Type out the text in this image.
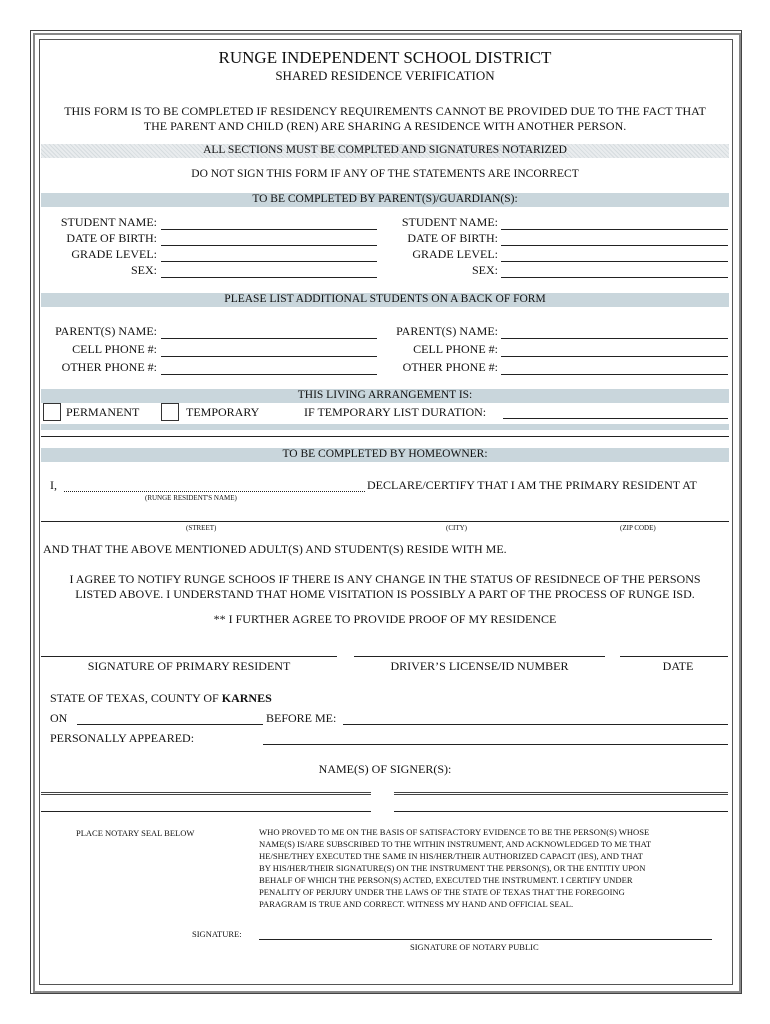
RUNGE INDEPENDENT SCHOOL DISTRICT
SHARED RESIDENCE VERIFICATION
THIS FORM IS TO BE COMPLETED IF RESIDENCY REQUIREMENTS CANNOT BE PROVIDED DUE TO THE FACT THAT
THE PARENT AND CHILD (REN) ARE SHARING A RESIDENCE WITH ANOTHER PERSON.
ALL SECTIONS MUST BE COMPLTED AND SIGNATURES NOTARIZED
DO NOT SIGN THIS FORM IF ANY OF THE STATEMENTS ARE INCORRECT
TO BE COMPLETED BY PARENT(S)/GUARDIAN(S):
STUDENT NAME:
DATE OF BIRTH:
GRADE LEVEL:
SEX:
STUDENT NAME:
DATE OF BIRTH:
GRADE LEVEL:
SEX:
PLEASE LIST ADDITIONAL STUDENTS ON A BACK OF FORM
PARENT(S) NAME:
CELL PHONE #:
OTHER PHONE #:
PARENT(S) NAME:
CELL PHONE #:
OTHER PHONE #:
THIS LIVING ARRANGEMENT IS:
PERMANENT	TEMPORARY	IF TEMPORARY LIST DURATION:
TO BE COMPLETED BY HOMEOWNER:
I,	DECLARE/CERTIFY THAT I AM THE PRIMARY RESIDENT AT
(RUNGE RESIDENT'S NAME)
(STREET)	(CITY)	(ZIP CODE)
AND THAT THE ABOVE MENTIONED ADULT(S) AND STUDENT(S) RESIDE WITH ME.
I AGREE TO NOTIFY RUNGE SCHOOS IF THERE IS ANY CHANGE IN THE STATUS OF RESIDNECE OF THE PERSONS
LISTED ABOVE. I UNDERSTAND THAT HOME VISITATION IS POSSIBLY A PART OF THE PROCESS OF RUNGE ISD.
** I FURTHER AGREE TO PROVIDE PROOF OF MY RESIDENCE
SIGNATURE OF PRIMARY RESIDENT	DRIVER’S LICENSE/ID NUMBER	DATE
STATE OF TEXAS, COUNTY OF KARNES
ON	BEFORE ME:
PERSONALLY APPEARED:
NAME(S) OF SIGNER(S):
PLACE NOTARY SEAL BELOW	WHO PROVED TO ME ON THE BASIS OF SATISFACTORY EVIDENCE TO BE THE PERSON(S) WHOSE
NAME(S) IS/ARE SUBSCRIBED TO THE WITHIN INSTRUMENT, AND ACKNOWLEDGED TO ME THAT
HE/SHE/THEY EXECUTED THE SAME IN HIS/HER/THEIR AUTHORIZED CAPACIT (IES), AND THAT
BY HIS/HER/THEIR SIGNATURE(S) ON THE INSTRUMENT THE PERSON(S), OR THE ENTITIY UPON
BEHALF OF WHICH THE PERSON(S) ACTED, EXECUTED THE INSTRUMENT. I CERTIFY UNDER
PENALITY OF PERJURY UNDER THE LAWS OF THE STATE OF TEXAS THAT THE FOREGOING
PARAGRAM IS TRUE AND CORRECT. WITNESS MY HAND AND OFFICIAL SEAL.
SIGNATURE:
SIGNATURE OF NOTARY PUBLIC
